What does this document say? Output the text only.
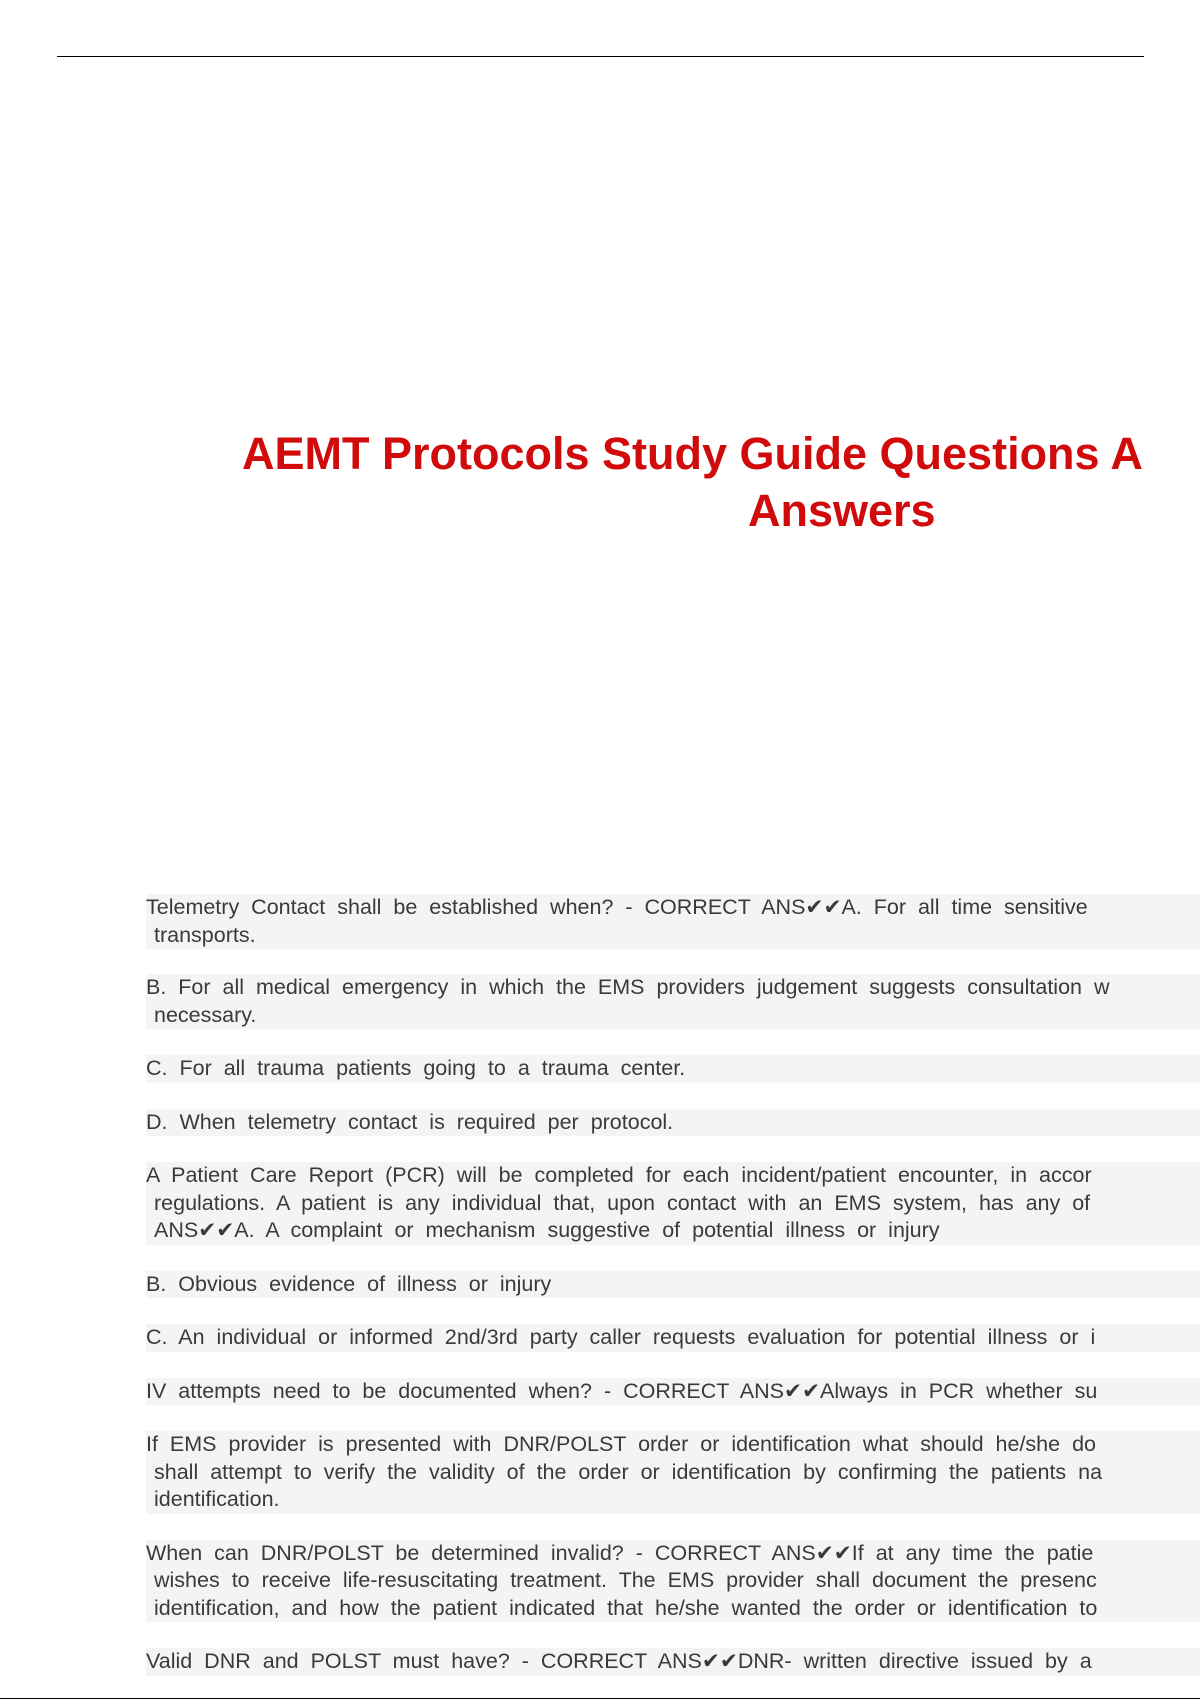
AEMT Protocols Study Guide Questions A
Answers

Telemetry Contact shall be established when? - CORRECT ANS✔✔A. For all time sensitive
transports.

B. For all medical emergency in which the EMS providers judgement suggests consultation w
necessary.

C. For all trauma patients going to a trauma center.

D. When telemetry contact is required per protocol.

A Patient Care Report (PCR) will be completed for each incident/patient encounter, in accor
regulations. A patient is any individual that, upon contact with an EMS system, has any of
ANS✔✔A. A complaint or mechanism suggestive of potential illness or injury

B. Obvious evidence of illness or injury

C. An individual or informed 2nd/3rd party caller requests evaluation for potential illness or i

IV attempts need to be documented when? - CORRECT ANS✔✔Always in PCR whether su

If EMS provider is presented with DNR/POLST order or identification what should he/she do
shall attempt to verify the validity of the order or identification by confirming the patients na
identification.

When can DNR/POLST be determined invalid? - CORRECT ANS✔✔If at any time the patie
wishes to receive life-resuscitating treatment. The EMS provider shall document the presenc
identification, and how the patient indicated that he/she wanted the order or identification to

Valid DNR and POLST must have? - CORRECT ANS✔✔DNR- written directive issued by a
